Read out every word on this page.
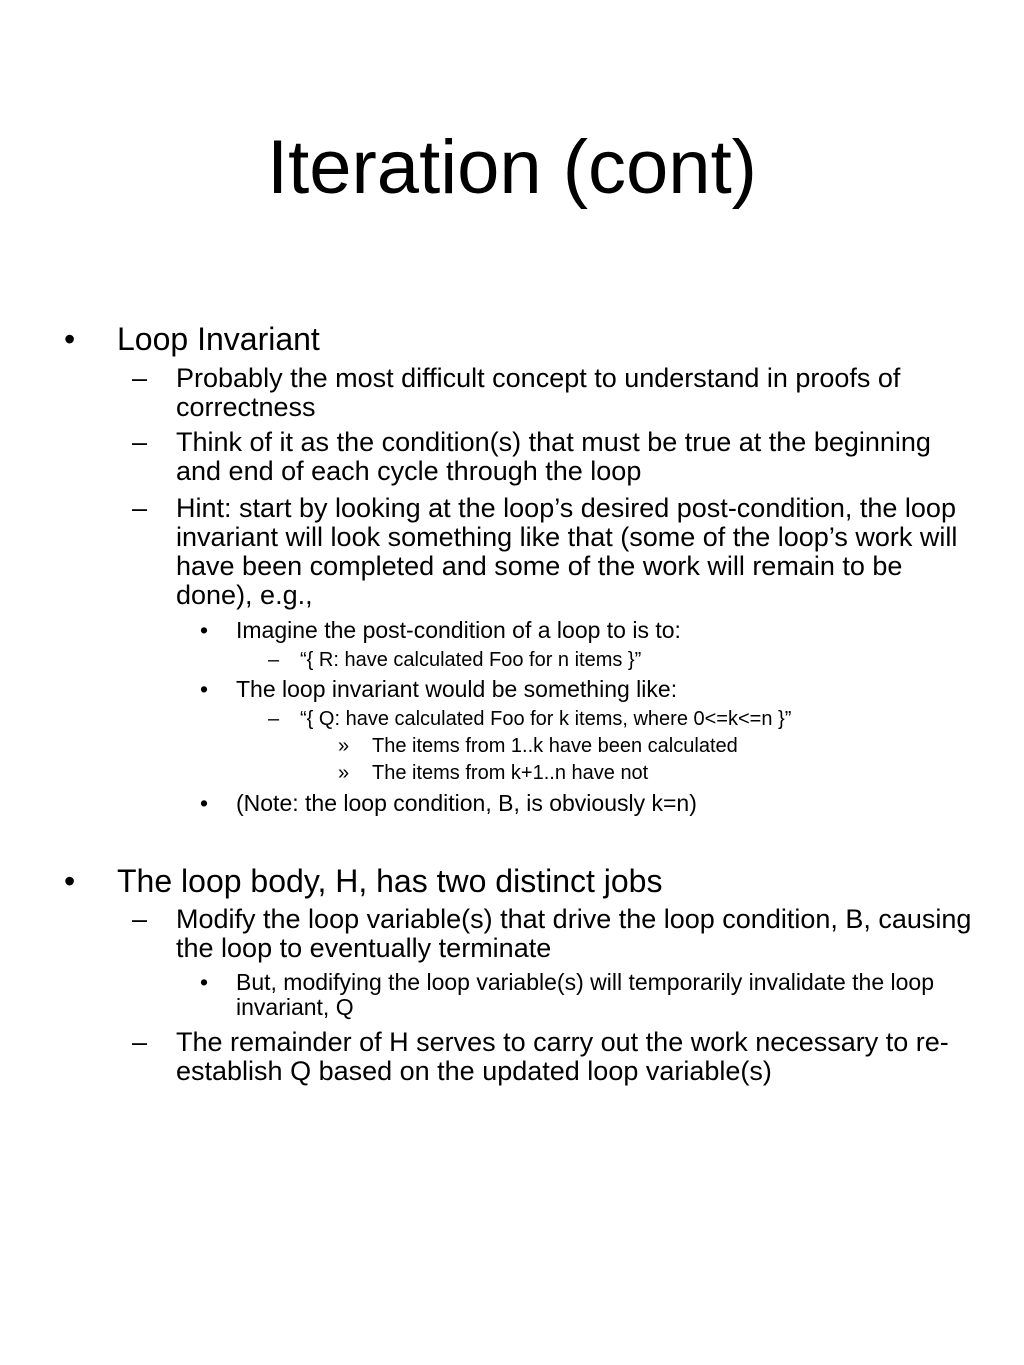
Iteration (cont)
• Loop Invariant
– Probably the most difficult concept to understand in proofs of correctness
– Think of it as the condition(s) that must be true at the beginning and end of each cycle through the loop
– Hint: start by looking at the loop’s desired post-condition, the loop invariant will look something like that (some of the loop’s work will have been completed and some of the work will remain to be done), e.g.,
• Imagine the post-condition of a loop to is to:
– “{ R: have calculated Foo for n items }”
• The loop invariant would be something like:
– “{ Q: have calculated Foo for k items, where 0<=k<=n }”
» The items from 1..k have been calculated
» The items from k+1..n have not
• (Note: the loop condition, B, is obviously k=n)
• The loop body, H, has two distinct jobs
– Modify the loop variable(s) that drive the loop condition, B, causing the loop to eventually terminate
• But, modifying the loop variable(s) will temporarily invalidate the loop invariant, Q
– The remainder of H serves to carry out the work necessary to re-establish Q based on the updated loop variable(s)
